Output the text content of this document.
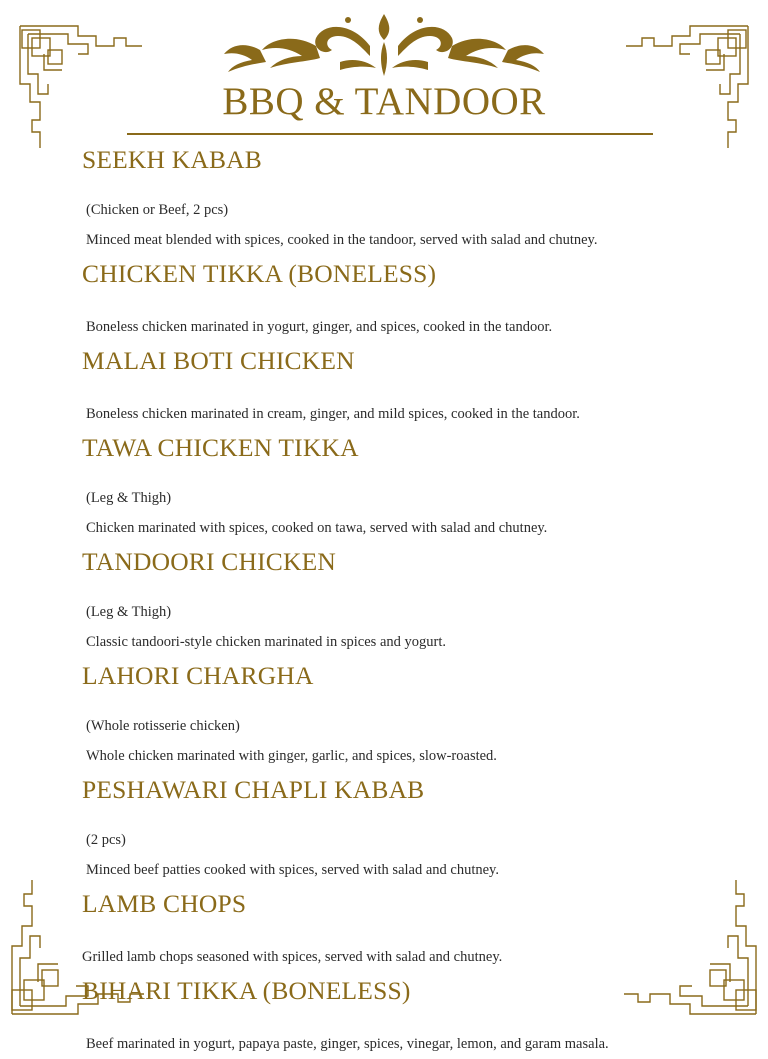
BBQ & TANDOOR
SEEKH KABAB
(Chicken or Beef, 2 pcs)
Minced meat blended with spices, cooked in the tandoor, served with salad and chutney.
CHICKEN TIKKA (BONELESS)
Boneless chicken marinated in yogurt, ginger, and spices, cooked in the tandoor.
MALAI BOTI CHICKEN
Boneless chicken marinated in cream, ginger, and mild spices, cooked in the tandoor.
TAWA CHICKEN TIKKA
(Leg & Thigh)
Chicken marinated with spices, cooked on tawa, served with salad and chutney.
TANDOORI CHICKEN
(Leg & Thigh)
Classic tandoori-style chicken marinated in spices and yogurt.
LAHORI CHARGHA
(Whole rotisserie chicken)
Whole chicken marinated with ginger, garlic, and spices, slow-roasted.
PESHAWARI CHAPLI KABAB
(2 pcs)
Minced beef patties cooked with spices, served with salad and chutney.
LAMB CHOPS
Grilled lamb chops seasoned with spices, served with salad and chutney.
BIHARI TIKKA (BONELESS)
Beef marinated in yogurt, papaya paste, ginger, spices, vinegar, lemon, and garam masala.
